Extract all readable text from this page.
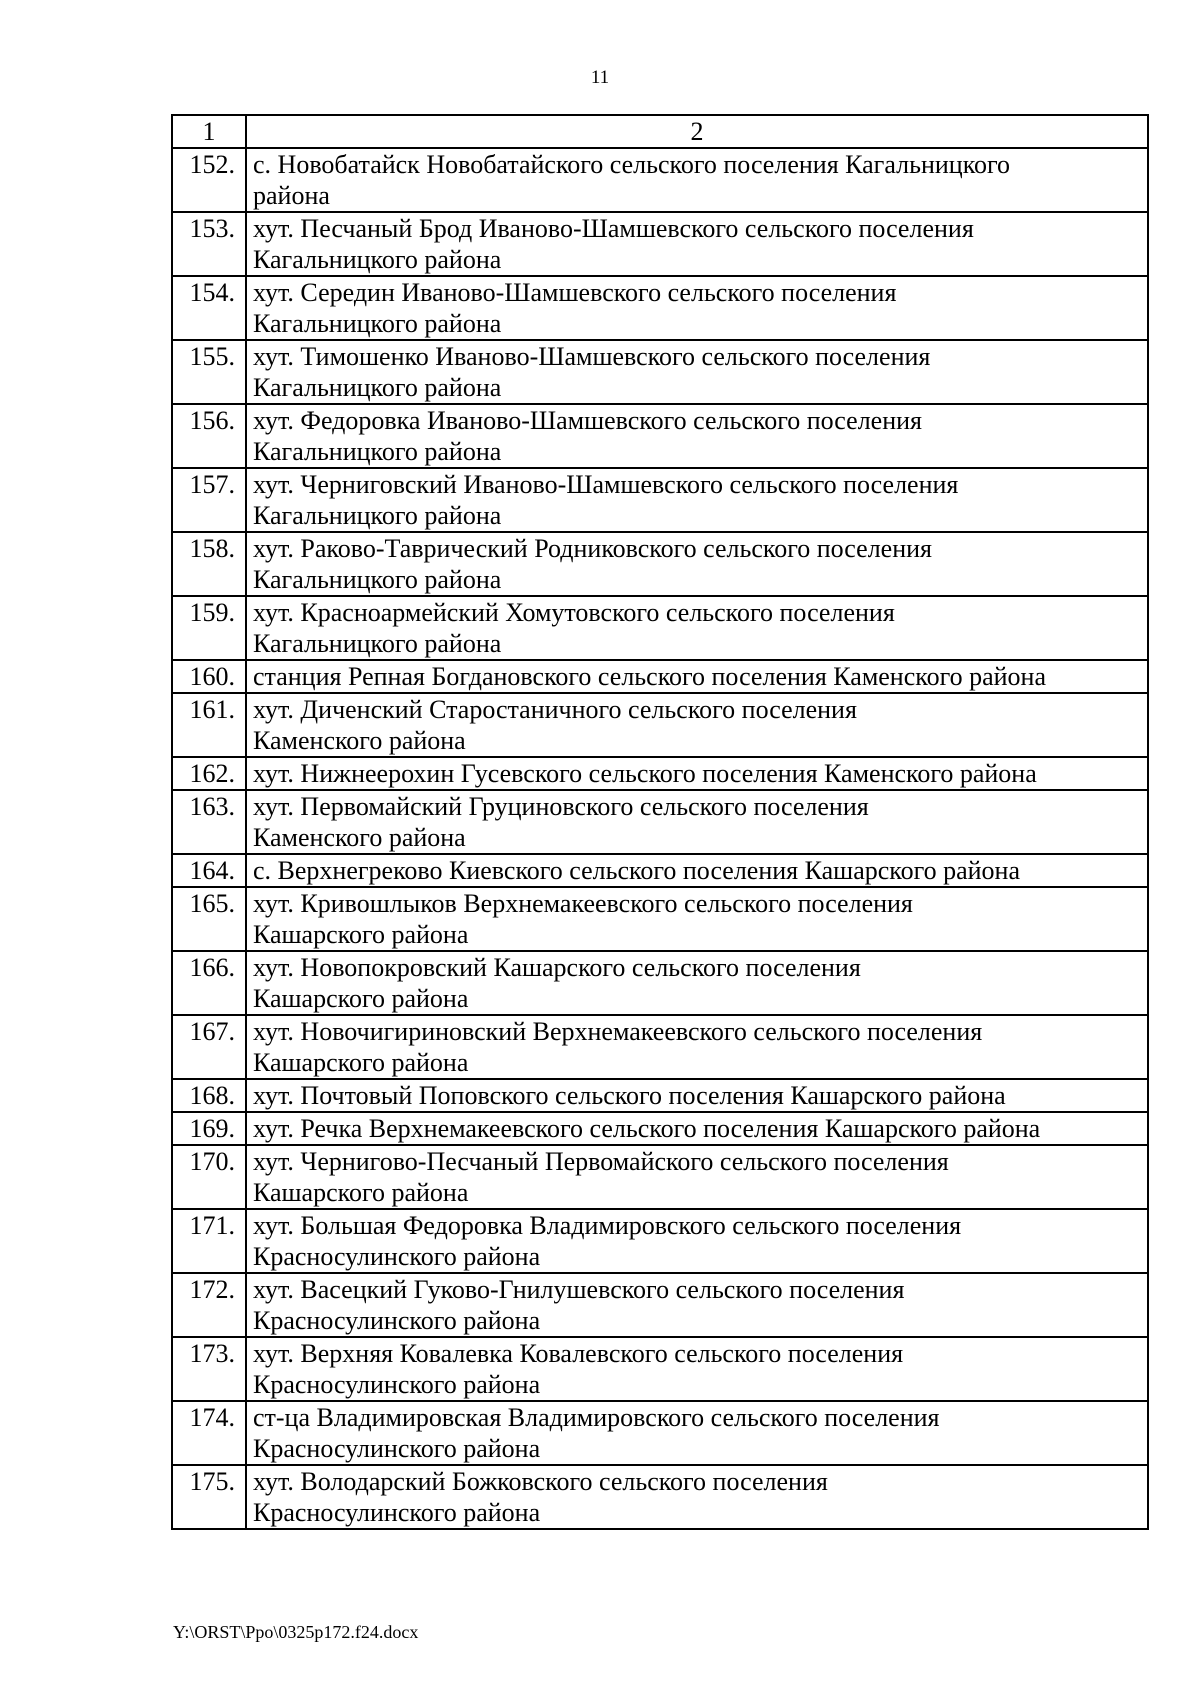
11
1	2
152.	с. Новобатайск Новобатайского сельского поселения Кагальницкого
района

153.	хут. Песчаный Брод Иваново-Шамшевского сельского поселения
Кагальницкого района

154.	хут. Середин Иваново-Шамшевского сельского поселения
Кагальницкого района

155.	хут. Тимошенко Иваново-Шамшевского сельского поселения
Кагальницкого района

156.	хут. Федоровка Иваново-Шамшевского сельского поселения
Кагальницкого района

157.	хут. Черниговский Иваново-Шамшевского сельского поселения
Кагальницкого района

158.	хут. Раково-Таврический Родниковского сельского поселения
Кагальницкого района

159.	хут. Красноармейский Хомутовского сельского поселения
Кагальницкого района

160.	станция Репная Богдановского сельского поселения Каменского района

161.	хут. Диченский Старостаничного сельского поселения
Каменского района

162.	хут. Нижнеерохин Гусевского сельского поселения Каменского района

163.	хут. Первомайский Груциновского сельского поселения
Каменского района

164.	с. Верхнегреково Киевского сельского поселения Кашарского района

165.	хут. Кривошлыков Верхнемакеевского сельского поселения
Кашарского района

166.	хут. Новопокровский Кашарского сельского поселения
Кашарского района

167.	хут. Новочигириновский Верхнемакеевского сельского поселения
Кашарского района

168.	хут. Почтовый Поповского сельского поселения Кашарского района

169.	хут. Речка Верхнемакеевского сельского поселения Кашарского района

170.	хут. Чернигово-Песчаный Первомайского сельского поселения
Кашарского района

171.	хут. Большая Федоровка Владимировского сельского поселения
Красносулинского района

172.	хут. Васецкий Гуково-Гнилушевского сельского поселения
Красносулинского района

173.	хут. Верхняя Ковалевка Ковалевского сельского поселения
Красносулинского района

174.	ст-ца Владимировская Владимировского сельского поселения
Красносулинского района

175.	хут. Володарский Божковского сельского поселения
Красносулинского района
Y:\ORST\Ppo\0325p172.f24.docx
